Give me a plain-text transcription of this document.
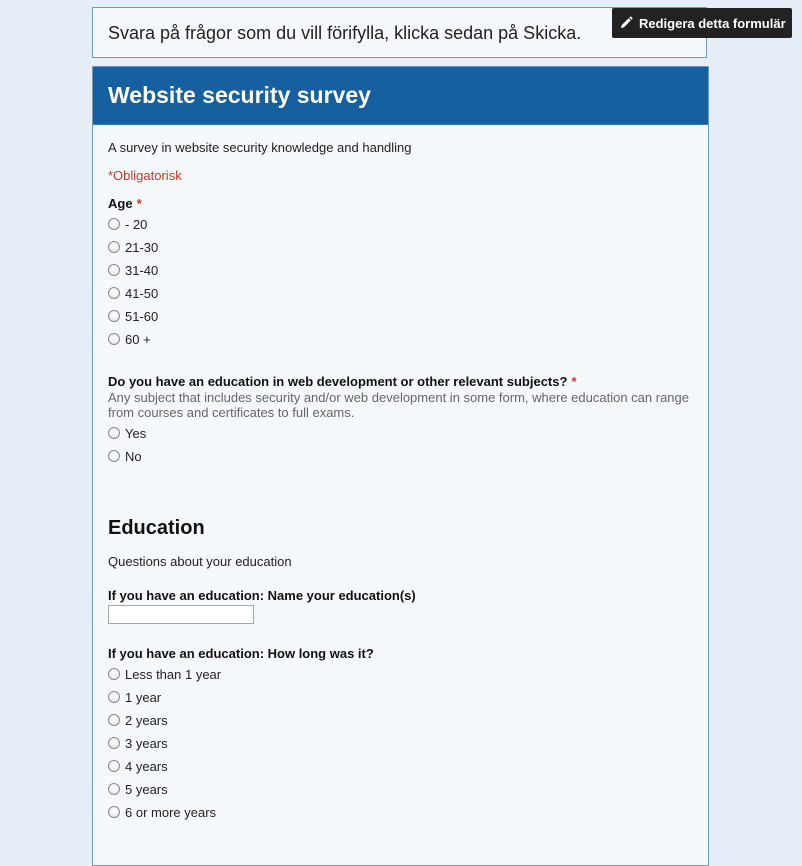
Svara på frågor som du vill förifylla, klicka sedan på Skicka.	Redigera detta formulär
Website security survey
A survey in website security knowledge and handling
*Obligatorisk
Age *
- 20
21-30
31-40
41-50
51-60
60 +
Do you have an education in web development or other relevant subjects? *
Any subject that includes security and/or web development in some form, where education can range from courses and certificates to full exams.
Yes
No
Education
Questions about your education
If you have an education: Name your education(s)
If you have an education: How long was it?
Less than 1 year
1 year
2 years
3 years
4 years
5 years
6 or more years
